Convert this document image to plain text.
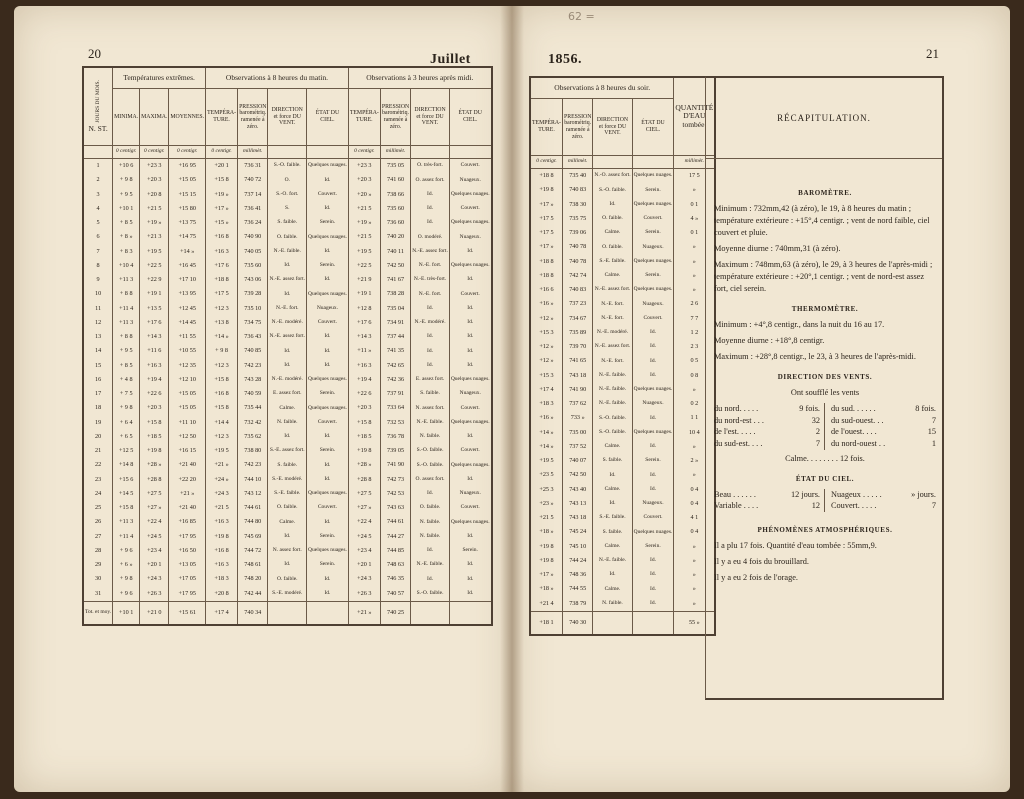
20	Juillet	1856.	21
62 =
JOURS DU MOIS.
N. ST.	Températures extrêmes.			Observations à 8 heures du matin.				Observations à 3 heures après midi.			
	MINIMA.	MAXIMA.	MOYENNES.	TEMPÉRA- TURE.	PRESSION barométriq. ramenée à zéro.	DIRECTION et force DU VENT.	ÉTAT DU CIEL.	TEMPÉRA- TURE.	PRESSION barométriq. ramenée à zéro.	DIRECTION et force DU VENT.	ÉTAT DU CIEL.
	0 centigr.	0 centigr.	0 centigr.	0 centigr.	millimèt.			0 centigr.	millimèt.		
1	+10 6	+23 3	+16 95	+20 1	736 31	S.-O. faible.	Quelques nuages.	+23 3	735 05	O. très-fort.	Couvert.
2	+ 9 8	+20 3	+15 05	+15 8	740 72	O.	Id.	+20 3	741 60	O. assez fort.	Nuageux.
3	+ 9 5	+20 8	+15 15	+19 »	737 14	S.-O. fort.	Couvert.	+20 »	738 66	Id.	Quelques nuages.
4	+10 1	+21 5	+15 80	+17 »	736 41	S.	Id.	+21 5	735 60	Id.	Couvert.
5	+ 8 5	+19 »	+13 75	+15 »	736 24	S. faible.	Serein.	+19 »	736 60	Id.	Quelques nuages.
6	+ 8 »	+21 3	+14 75	+16 8	740 90	O. faible.	Quelques nuages.	+21 5	740 20	O. modéré.	Nuageux.
7	+ 8 3	+19 5	+14 »	+16 3	740 05	N.-E. faible.	Id.	+19 5	740 11	N.-E. assez fort.	Id.
8	+10 4	+22 5	+16 45	+17 6	735 60	Id.	Serein.	+22 5	742 50	N.-E. fort.	Quelques nuages.
9	+11 3	+22 9	+17 10	+18 8	743 06	N.-E. assez fort.	Id.	+21 9	741 67	N.-E. très-fort.	Id.
10	+ 8 8	+19 1	+13 95	+17 5	739 28	Id.	Quelques nuages.	+19 1	738 28	N.-E. fort.	Couvert.
11	+11 4	+13 5	+12 45	+12 3	735 10	N.-E. fort.	Nuageux.	+12 8	735 04	Id.	Id.
12	+11 3	+17 6	+14 45	+13 8	734 75	N.-E. modéré.	Couvert.	+17 6	734 91	N.-E. modéré.	Id.
13	+ 8 8	+14 3	+11 55	+14 »	736 43	N.-E. assez fort.	Id.	+14 3	737 44	Id.	Id.
14	+ 9 5	+11 6	+10 55	+ 9 8	740 85	Id.	Id.	+11 »	741 35	Id.	Id.
15	+ 8 5	+16 3	+12 35	+12 3	742 23	Id.	Id.	+16 3	742 65	Id.	Id.
16	+ 4 8	+19 4	+12 10	+15 8	743 28	N.-E. modéré.	Quelques nuages.	+19 4	742 36	E. assez fort.	Quelques nuages.
17	+ 7 5	+22 6	+15 05	+16 8	740 59	E. assez fort.	Serein.	+22 6	737 91	S. faible.	Nuageux.
18	+ 9 8	+20 3	+15 05	+15 8	735 44	Calme.	Quelques nuages.	+20 3	733 64	N. assez fort.	Couvert.
19	+ 6 4	+15 8	+11 10	+14 4	732 42	N. faible.	Couvert.	+15 8	732 53	N.-E. faible.	Quelques nuages.
20	+ 6 5	+18 5	+12 50	+12 3	735 62	Id.	Id.	+18 5	736 78	N. faible.	Id.
21	+12 5	+19 8	+16 15	+19 5	738 80	S.-E. assez fort.	Serein.	+19 8	739 05	S.-O. faible.	Couvert.
22	+14 8	+28 »	+21 40	+21 »	742 23	S. faible.	Id.	+28 »	741 90	S.-O. faible.	Quelques nuages.
23	+15 6	+28 8	+22 20	+24 »	744 10	S.-E. modéré.	Id.	+28 8	742 73	O. assez fort.	Id.
24	+14 5	+27 5	+21 »	+24 3	743 12	S.-E. faible.	Quelques nuages.	+27 5	742 53	Id.	Nuageux.
25	+15 8	+27 »	+21 40	+21 5	744 61	O. faible.	Couvert.	+27 »	743 63	O. faible.	Couvert.
26	+11 3	+22 4	+16 85	+16 3	744 80	Calme.	Id.	+22 4	744 61	N. faible.	Quelques nuages.
27	+11 4	+24 5	+17 95	+19 8	745 69	Id.	Serein.	+24 5	744 27	N. faible.	Id.
28	+ 9 6	+23 4	+16 50	+16 8	744 72	N. assez fort.	Quelques nuages.	+23 4	744 85	Id.	Serein.
29	+ 6 »	+20 1	+13 05	+16 3	748 61	Id.	Serein.	+20 1	748 63	N.-E. faible.	Id.
30	+ 9 8	+24 3	+17 05	+18 3	748 20	O. faible.	Id.	+24 3	746 35	Id.	Id.
31	+ 9 6	+26 3	+17 95	+20 8	742 44	S.-E. modéré.	Id.	+26 3	740 57	S.-O. faible.	Id.
Tot. et moy.	+10 1	+21 0	+15 61	+17 4	740 34			+21 »	740 25		
Observations à 8 heures du soir.				QUANTITÉ D'EAU tombée.
TEMPÉRA- TURE.	PRESSION barométriq. ramenée à zéro.	DIRECTION et force DU VENT.	ÉTAT DU CIEL.	
0 centigr.	millimèt.			millimèt.
+18 8	735 40	N.-O. assez fort.	Quelques nuages.	17 5
+19 8	740 83	S.-O. faible.	Serein.	»
+17 »	738 30	Id.	Quelques nuages.	0 1
+17 5	735 75	O. faible.	Couvert.	4 »
+17 5	739 06	Calme.	Serein.	0 1
+17 »	740 78	O. faible.	Nuageux.	»
+18 8	740 78	S.-E. faible.	Quelques nuages.	»
+18 8	742 74	Calme.	Serein.	»
+16 6	740 83	N.-E. assez fort.	Quelques nuages.	»
+16 »	737 23	N.-E. fort.	Nuageux.	2 6
+12 »	734 67	N.-E. fort.	Couvert.	7 7
+15 3	735 89	N.-E. modéré.	Id.	1 2
+12 »	739 70	N.-E. assez fort.	Id.	2 3
+12 »	741 65	N.-E. fort.	Id.	0 5
+15 3	743 18	N.-E. faible.	Id.	0 8
+17 4	741 90	N.-E. faible.	Quelques nuages.	»
+18 3	737 62	N.-E. faible.	Nuageux.	0 2
+16 »	733 »	S.-O. faible.	Id.	1 1
+14 »	735 00	S.-O. faible.	Quelques nuages.	10 4
+14 »	737 52	Calme.	Id.	»
+19 5	740 07	S. faible.	Serein.	2 »
+23 5	742 50	Id.	Id.	»
+25 3	743 40	Calme.	Id.	0 4
+23 »	743 13	Id.	Nuageux.	0 4
+21 5	743 18	S.-E. faible.	Couvert.	4 1
+18 »	745 24	S. faible.	Quelques nuages.	0 4
+19 8	745 10	Calme.	Serein.	»
+19 8	744 24	N.-E. faible.	Id.	»
+17 »	748 36	Id.	Id.	»
+18 »	744 55	Calme.	Id.	»
+21 4	738 79	N. faible.	Id.	»
+18 1	740 30			55 »
RÉCAPITULATION.
BAROMÈTRE.

Minimum : 732mm,42 (à zéro), le 19, à 8 heures du matin ; température extérieure : +15°,4 centigr. ; vent de nord faible, ciel couvert et pluie.

Moyenne diurne : 740mm,31 (à zéro).

Maximum : 748mm,63 (à zéro), le 29, à 3 heures de l'après-midi ; température extérieure : +20°,1 centigr. ; vent de nord-est assez fort, ciel serein.

THERMOMÈTRE.

Minimum : +4°,8 centigr., dans la nuit du 16 au 17.

Moyenne diurne : +18°,8 centigr.

Maximum : +28°,8 centigr., le 23, à 3 heures de l'après-midi.

DIRECTION DES VENTS.

Ont soufflé les vents

du nord. . . . .	9 fois.
du nord-est . . .	32
de l'est. . . . .	2
du sud-est. . . .	7
du sud. . . . . .	8 fois.
du sud-ouest. . .	7
de l'ouest. . . .	15
du nord-ouest . .	1

Calme. . . . . . . . 12 fois.

ÉTAT DU CIEL.
Beau . . . . . .	12 jours.
Variable . . . .	12
Nuageux . . . . .	» jours.
Couvert. . . . .	7
PHÉNOMÈNES ATMOSPHÉRIQUES.

Il a plu 17 fois. Quantité d'eau tombée : 55mm,9.

Il y a eu 4 fois du brouillard.

Il y a eu 2 fois de l'orage.
